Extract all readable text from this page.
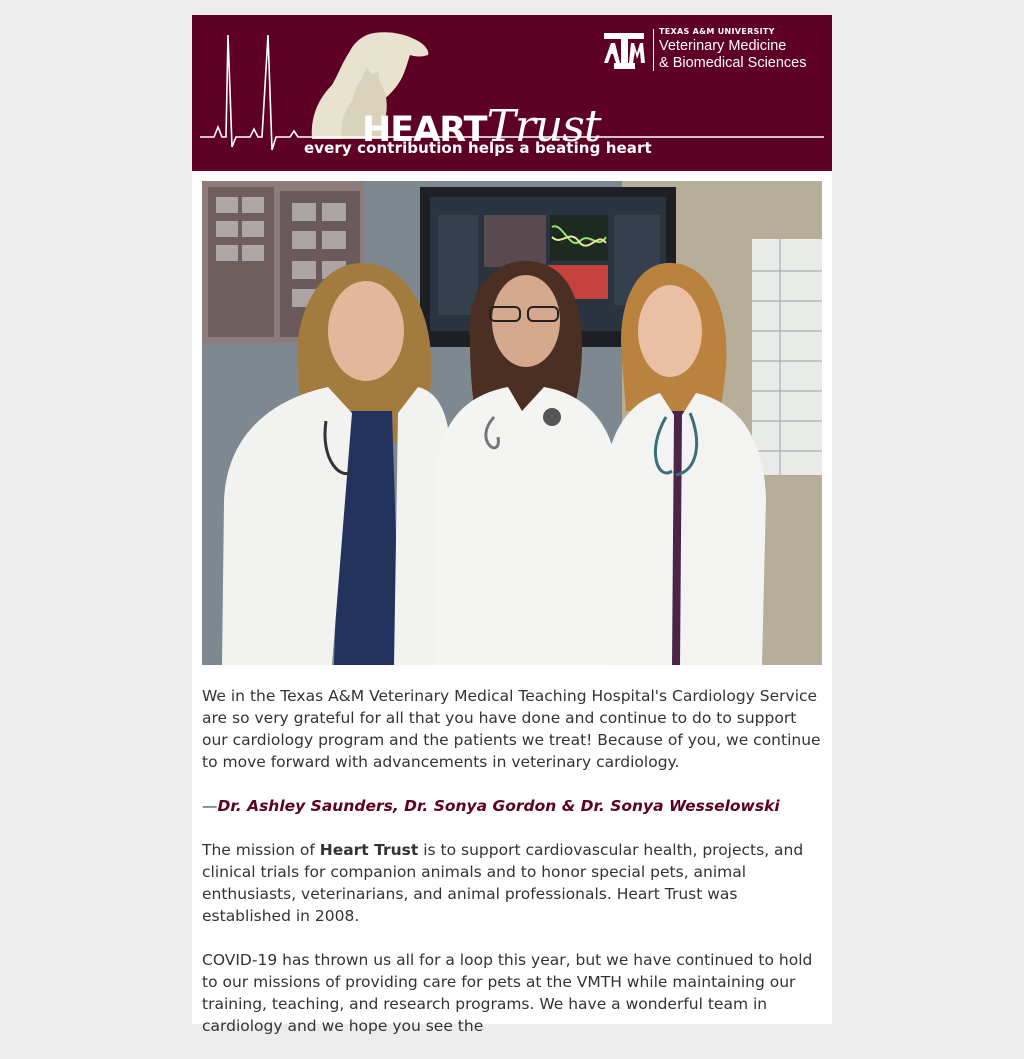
HEARTTrust
every contribution helps a beating heart
TEXAS A&M UNIVERSITY
Veterinary Medicine
& Biomedical Sciences

We in the Texas A&M Veterinary Medical Teaching Hospital's Cardiology Service are so very grateful for all that you have done and continue to do to support our cardiology program and the patients we treat! Because of you, we continue to move forward with advancements in veterinary cardiology.

—Dr. Ashley Saunders, Dr. Sonya Gordon & Dr. Sonya Wesselowski

The mission of Heart Trust is to support cardiovascular health, projects, and clinical trials for companion animals and to honor special pets, animal enthusiasts, veterinarians, and animal professionals. Heart Trust was established in 2008.

COVID-19 has thrown us all for a loop this year, but we have continued to hold to our missions of providing care for pets at the VMTH while maintaining our training, teaching, and research programs. We have a wonderful team in cardiology and we hope you see the
